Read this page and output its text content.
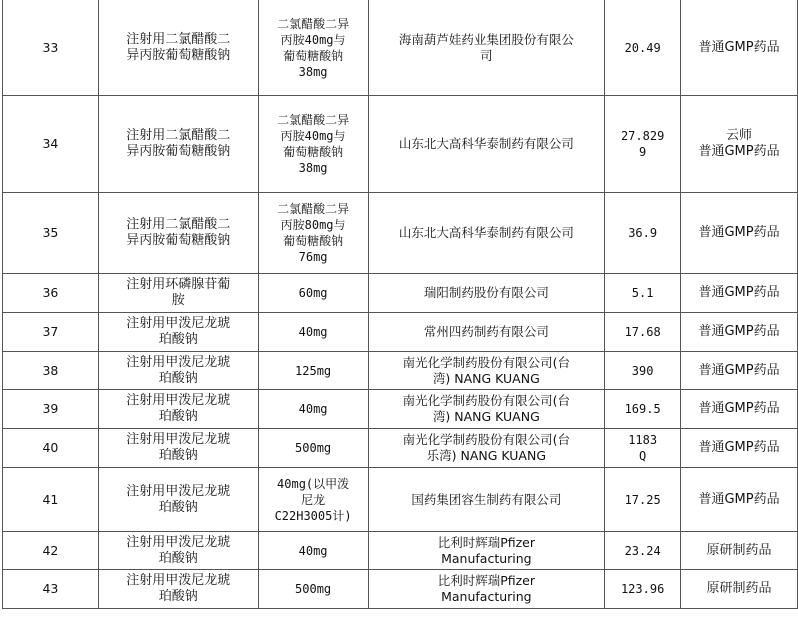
33	注射用二氯醋酸二
异丙胺葡萄糖酸钠	二氯醋酸二异
丙胺40mg与
葡萄糖酸钠
38mg	海南葫芦娃药业集团股份有限公
司	20.49	普通GMP药品
34	注射用二氯醋酸二
异丙胺葡萄糖酸钠	二氯醋酸二异
丙胺40mg与
葡萄糖酸钠
38mg	山东北大高科华泰制药有限公司	27.829
9	云师
普通GMP药品
35	注射用二氯醋酸二
异丙胺葡萄糖酸钠	二氯醋酸二异
丙胺80mg与
葡萄糖酸钠
76mg	山东北大高科华泰制药有限公司	36.9	普通GMP药品
36	注射用环磷腺苷葡
胺	60mg	瑞阳制药股份有限公司	5.1	普通GMP药品
37	注射用甲泼尼龙琥
珀酸钠	40mg	常州四药制药有限公司	17.68	普通GMP药品
38	注射用甲泼尼龙琥
珀酸钠	125mg	南光化学制药股份有限公司(台
湾) NANG KUANG	390	普通GMP药品
39	注射用甲泼尼龙琥
珀酸钠	40mg	南光化学制药股份有限公司(台
湾) NANG KUANG	169.5	普通GMP药品
40	注射用甲泼尼龙琥
珀酸钠	500mg	南光化学制药股份有限公司(台
乐湾) NANG KUANG	1183
Q	普通GMP药品
41	注射用甲泼尼龙琥
珀酸钠	40mg(以甲泼
尼龙
C22H3005计)	国药集团容生制药有限公司	17.25	普通GMP药品
42	注射用甲泼尼龙琥
珀酸钠	40mg	比利时辉瑞Pfizer
Manufacturing	23.24	原研制药品
43	注射用甲泼尼龙琥
珀酸钠	500mg	比利时辉瑞Pfizer
Manufacturing	123.96	原研制药品
